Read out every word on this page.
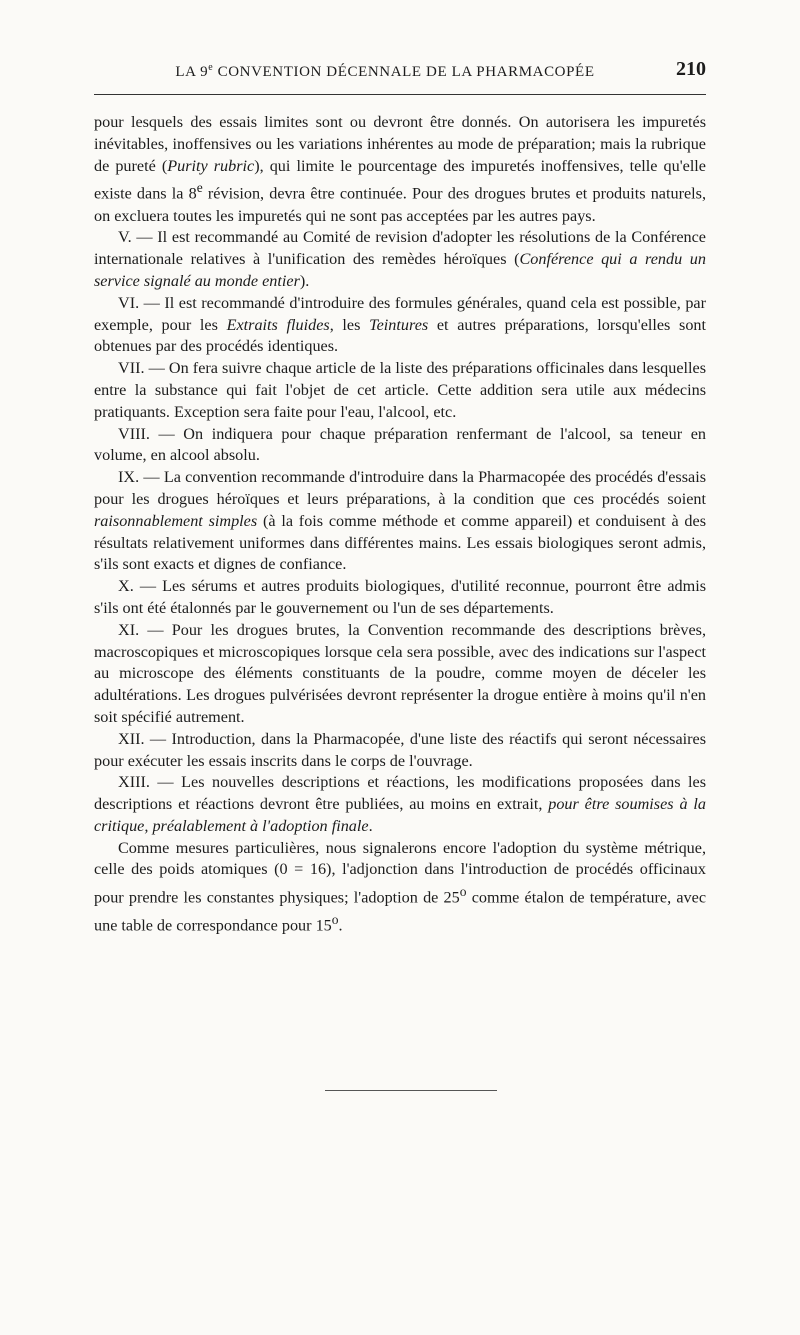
LA 9e CONVENTION DÉCENNALE DE LA PHARMACOPÉE	210

pour lesquels des essais limites sont ou devront être donnés. On autorisera les impuretés inévitables, inoffensives ou les variations inhérentes au mode de préparation; mais la rubrique de pureté (Purity rubric), qui limite le pourcentage des impuretés inoffensives, telle qu'elle existe dans la 8e révision, devra être continuée. Pour des drogues brutes et produits naturels, on excluera toutes les impuretés qui ne sont pas acceptées par les autres pays.

V. — Il est recommandé au Comité de revision d'adopter les résolutions de la Conférence internationale relatives à l'unification des remèdes héroïques (Conférence qui a rendu un service signalé au monde entier).

VI. — Il est recommandé d'introduire des formules générales, quand cela est possible, par exemple, pour les Extraits fluides, les Teintures et autres préparations, lorsqu'elles sont obtenues par des procédés identiques.

VII. — On fera suivre chaque article de la liste des préparations officinales dans lesquelles entre la substance qui fait l'objet de cet article. Cette addition sera utile aux médecins pratiquants. Exception sera faite pour l'eau, l'alcool, etc.

VIII. — On indiquera pour chaque préparation renfermant de l'alcool, sa teneur en volume, en alcool absolu.

IX. — La convention recommande d'introduire dans la Pharmacopée des procédés d'essais pour les drogues héroïques et leurs préparations, à la condition que ces procédés soient raisonnablement simples (à la fois comme méthode et comme appareil) et conduisent à des résultats relativement uniformes dans différentes mains. Les essais biologiques seront admis, s'ils sont exacts et dignes de confiance.

X. — Les sérums et autres produits biologiques, d'utilité reconnue, pourront être admis s'ils ont été étalonnés par le gouvernement ou l'un de ses départements.

XI. — Pour les drogues brutes, la Convention recommande des descriptions brèves, macroscopiques et microscopiques lorsque cela sera possible, avec des indications sur l'aspect au microscope des éléments constituants de la poudre, comme moyen de déceler les adultérations. Les drogues pulvérisées devront représenter la drogue entière à moins qu'il n'en soit spécifié autrement.

XII. — Introduction, dans la Pharmacopée, d'une liste des réactifs qui seront nécessaires pour exécuter les essais inscrits dans le corps de l'ouvrage.

XIII. — Les nouvelles descriptions et réactions, les modifications proposées dans les descriptions et réactions devront être publiées, au moins en extrait, pour être soumises à la critique, préalablement à l'adoption finale.

Comme mesures particulières, nous signalerons encore l'adoption du système métrique, celle des poids atomiques (0 = 16), l'adjonction dans l'introduction de procédés officinaux pour prendre les constantes physiques; l'adoption de 25$^o$ comme étalon de température, avec une table de correspondance pour 15$^o$.
